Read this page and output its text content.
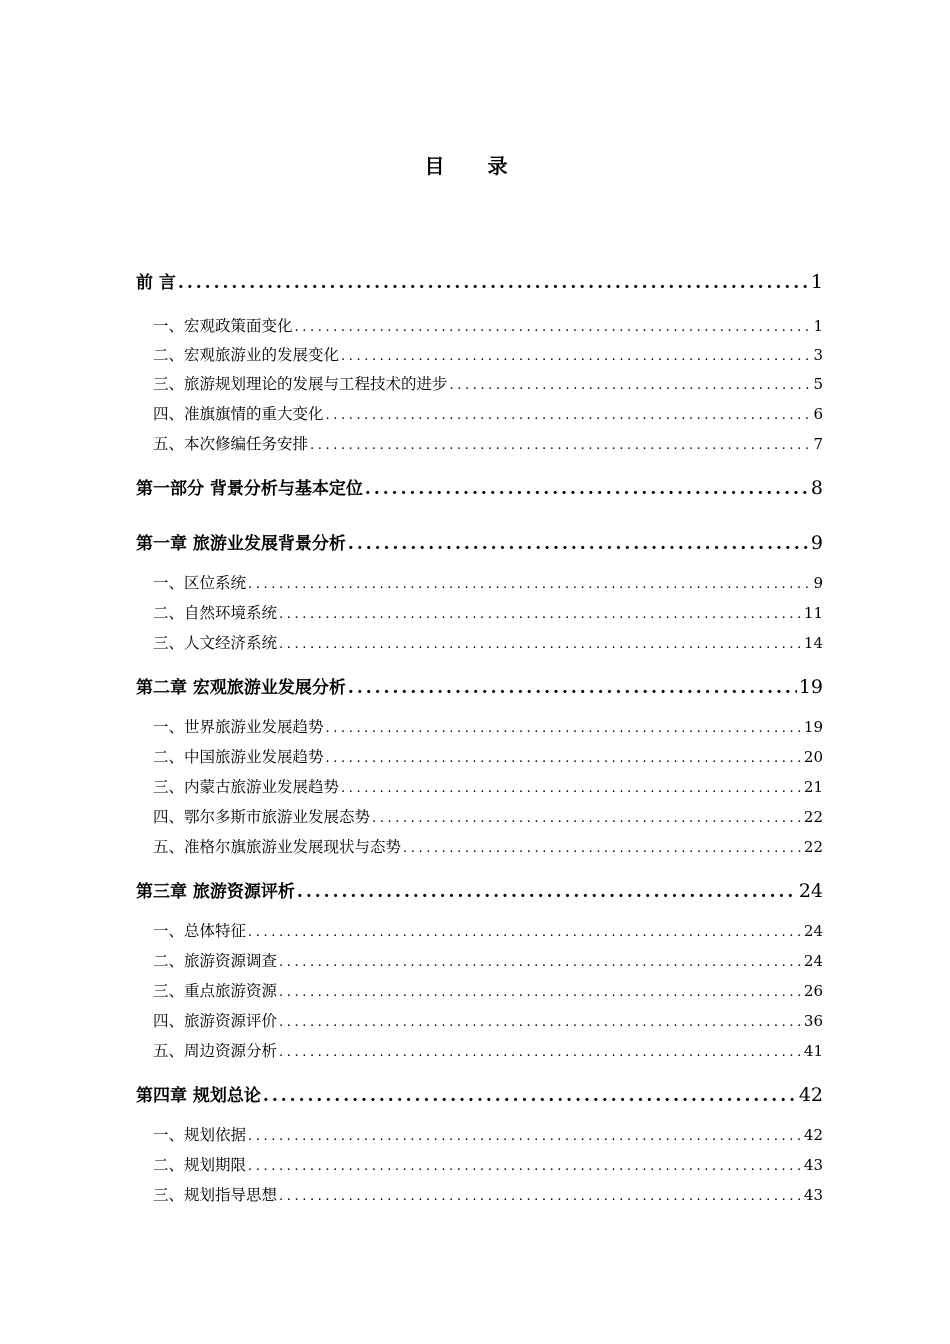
目 录
前 言 .....	1
一、宏观政策面变化 .....	1
二、宏观旅游业的发展变化 .....	3
三、旅游规划理论的发展与工程技术的进步 .....	5
四、准旗旗情的重大变化 .....	6
五、本次修编任务安排 .....	7
第一部分 背景分析与基本定位 .....	8
第一章 旅游业发展背景分析 .....	9
一、区位系统 .....	9
二、自然环境系统 .....	11
三、人文经济系统 .....	14
第二章 宏观旅游业发展分析 .....	19
一、世界旅游业发展趋势 .....	19
二、中国旅游业发展趋势 .....	20
三、内蒙古旅游业发展趋势 .....	21
四、鄂尔多斯市旅游业发展态势 .....	22
五、准格尔旗旅游业发展现状与态势 .....	22
第三章 旅游资源评析 .....	24
一、总体特征 .....	24
二、旅游资源调查 .....	24
三、重点旅游资源 .....	26
四、旅游资源评价 .....	36
五、周边资源分析 .....	41
第四章 规划总论 .....	42
一、规划依据 .....	42
二、规划期限 .....	43
三、规划指导思想 .....	43
